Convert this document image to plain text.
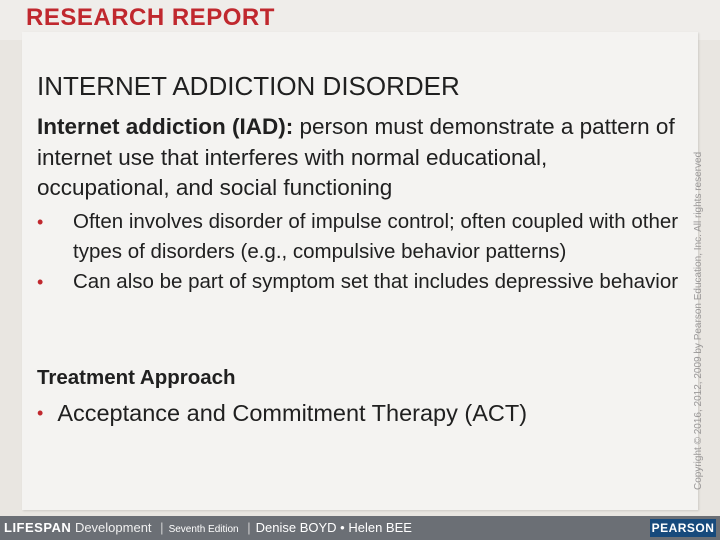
RESEARCH REPORT
INTERNET ADDICTION DISORDER
Internet addiction (IAD): person must demonstrate a pattern of internet use that interferes with normal educational, occupational, and social functioning
• Often involves disorder of impulse control; often coupled with other types of disorders (e.g., compulsive behavior patterns)
• Can also be part of symptom set that includes depressive behavior
Treatment Approach
• Acceptance and Commitment Therapy (ACT)	Copyright © 2016, 2012, 2009 by Pearson Education, Inc. All rights reserved
LIFESPAN Development | Seventh Edition | Denise BOYD • Helen BEE	PEARSON
